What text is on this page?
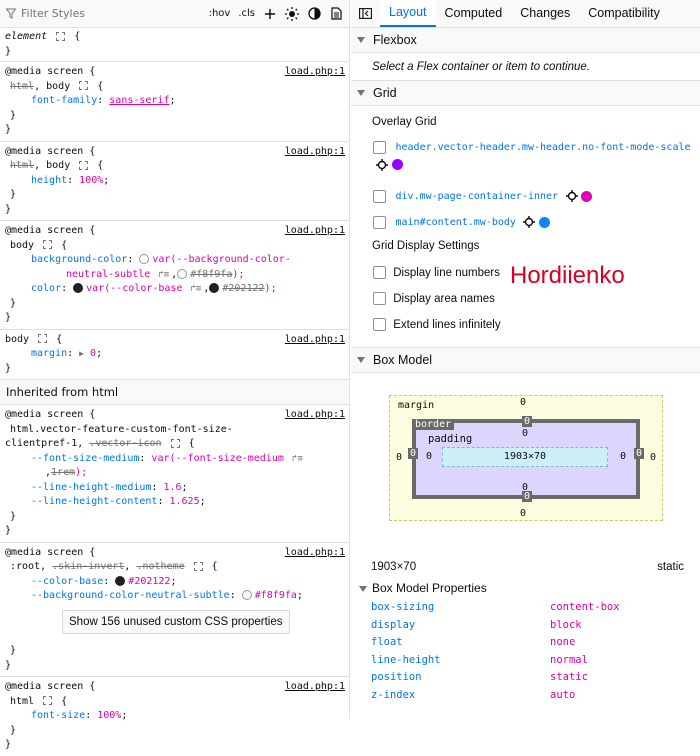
Filter Styles	:hov .cls
element	{
}
load.php:1
@media screen {
html, body  {
font-family: sans-serif;
}
}
load.php:1
@media screen {
html, body  {
height: 100%;
}
}
load.php:1
@media screen {
body  {
background-color: var(--background-color-
neutral-subtle ↱≡ , #f8f9fa);
color: var(--color-base ↱≡ , #202122);
}
}
load.php:1
body  {
margin: ▶ 0;
}
Inherited from html
load.php:1
@media screen {
html.vector-feature-custom-font-size-
clientpref-1, .vector-icon  {
--font-size-medium: var(--font-size-medium ↱≡
,1rem);
--line-height-medium: 1.6;
--line-height-content: 1.625;
}
}
load.php:1
@media screen {
:root, .skin-invert, .notheme  {
--color-base: #202122;
--background-color-neutral-subtle: #f8f9fa;
Show 156 unused custom CSS properties
}
}
load.php:1
@media screen {
html  {
font-size: 100%;
}
}
Layout	Computed	Changes	Compatibility
Flexbox
Select a Flex container or item to continue.
Grid
Overlay Grid
header.vector-header.mw-header.no-font-mode-scale

div.mw-page-container-inner
main#content.mw-body
Grid Display Settings
Display line numbers
Display area names
Extend lines infinitely
Hordiienko
Box Model
margin	0
0
0	0
border	0
0
0	0
padding	0
0
0	0
1903×70
1903×70	static
Box Model Properties
box-sizing	content-box
display	block
float	none
line-height	normal
position	static
z-index	auto
